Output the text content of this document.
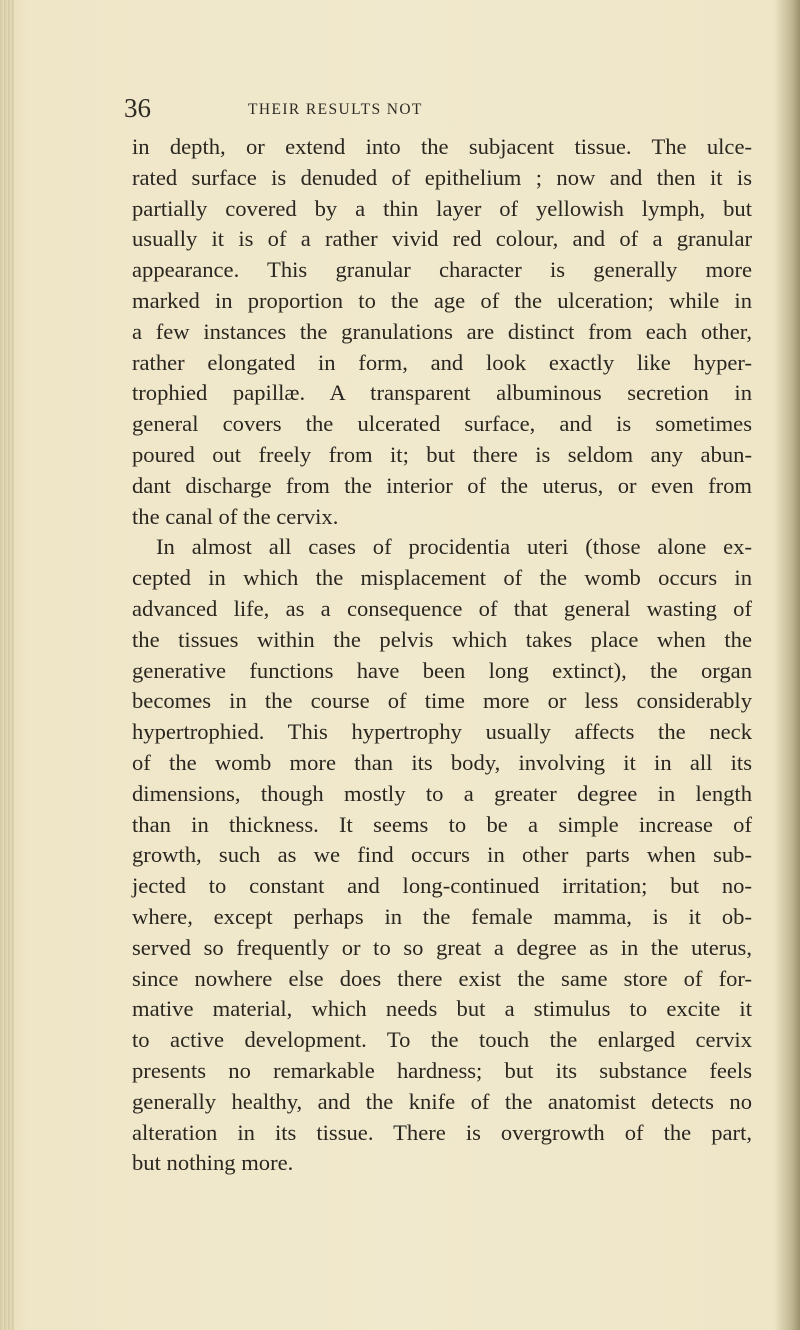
36	THEIR RESULTS NOT
in depth, or extend into the subjacent tissue. The ulce-
rated surface is denuded of epithelium ; now and then it is
partially covered by a thin layer of yellowish lymph, but
usually it is of a rather vivid red colour, and of a granular
appearance. This granular character is generally more
marked in proportion to the age of the ulceration; while in
a few instances the granulations are distinct from each other,
rather elongated in form, and look exactly like hyper-
trophied papillæ. A transparent albuminous secretion in
general covers the ulcerated surface, and is sometimes
poured out freely from it; but there is seldom any abun-
dant discharge from the interior of the uterus, or even from
the canal of the cervix.
In almost all cases of procidentia uteri (those alone ex-
cepted in which the misplacement of the womb occurs in
advanced life, as a consequence of that general wasting of
the tissues within the pelvis which takes place when the
generative functions have been long extinct), the organ
becomes in the course of time more or less considerably
hypertrophied. This hypertrophy usually affects the neck
of the womb more than its body, involving it in all its
dimensions, though mostly to a greater degree in length
than in thickness. It seems to be a simple increase of
growth, such as we find occurs in other parts when sub-
jected to constant and long-continued irritation; but no-
where, except perhaps in the female mamma, is it ob-
served so frequently or to so great a degree as in the uterus,
since nowhere else does there exist the same store of for-
mative material, which needs but a stimulus to excite it
to active development. To the touch the enlarged cervix
presents no remarkable hardness; but its substance feels
generally healthy, and the knife of the anatomist detects no
alteration in its tissue. There is overgrowth of the part,
but nothing more.
